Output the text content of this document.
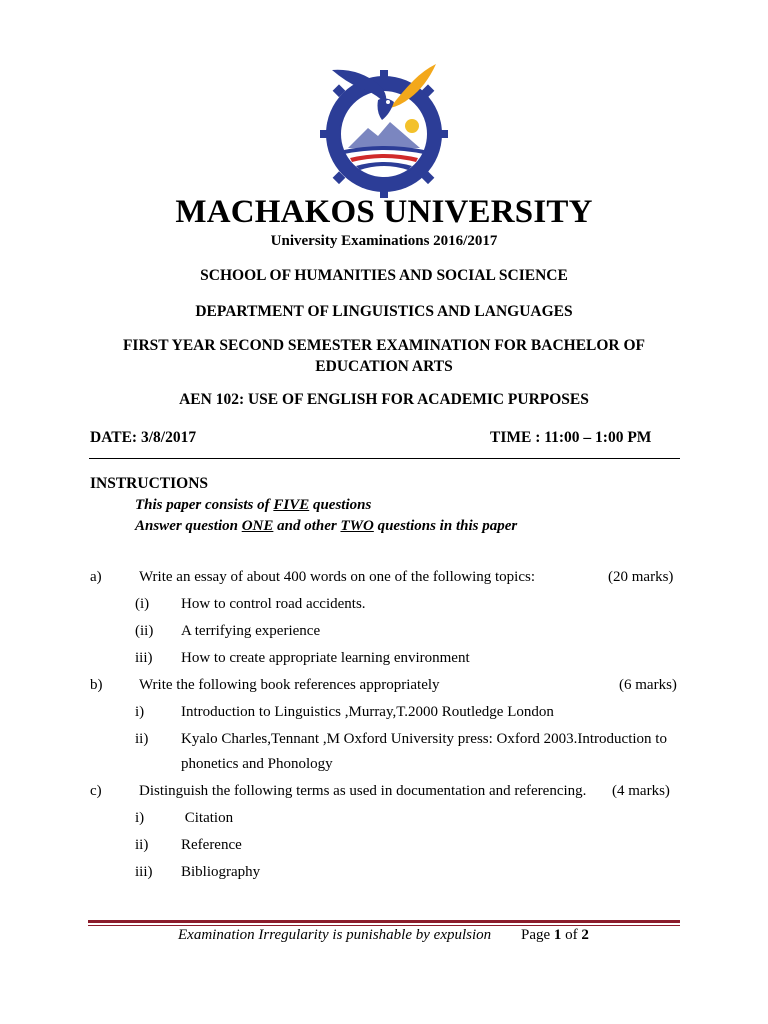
MACHAKOS UNIVERSITY
University Examinations 2016/2017
SCHOOL OF HUMANITIES AND SOCIAL SCIENCE
DEPARTMENT OF LINGUISTICS AND LANGUAGES
FIRST YEAR SECOND SEMESTER EXAMINATION FOR BACHELOR OF
EDUCATION ARTS
AEN 102: USE OF ENGLISH FOR ACADEMIC PURPOSES
DATE: 3/8/2017	TIME : 11:00 – 1:00 PM
INSTRUCTIONS
This paper consists of FIVE questions
Answer question ONE and other TWO questions in this paper
a) Write an essay of about 400 words on one of the following topics:	(20 marks)
(i) How to control road accidents.
(ii) A terrifying experience
iii) How to create appropriate learning environment
b) Write the following book references appropriately	(6 marks)
i) Introduction to Linguistics ,Murray,T.2000 Routledge London
ii) Kyalo Charles,Tennant ,M Oxford University press: Oxford 2003.Introduction to
phonetics and Phonology
c) Distinguish the following terms as used in documentation and referencing. (4 marks)
i) Citation
ii) Reference
iii) Bibliography
Examination Irregularity is punishable by expulsion Page 1 of 2
